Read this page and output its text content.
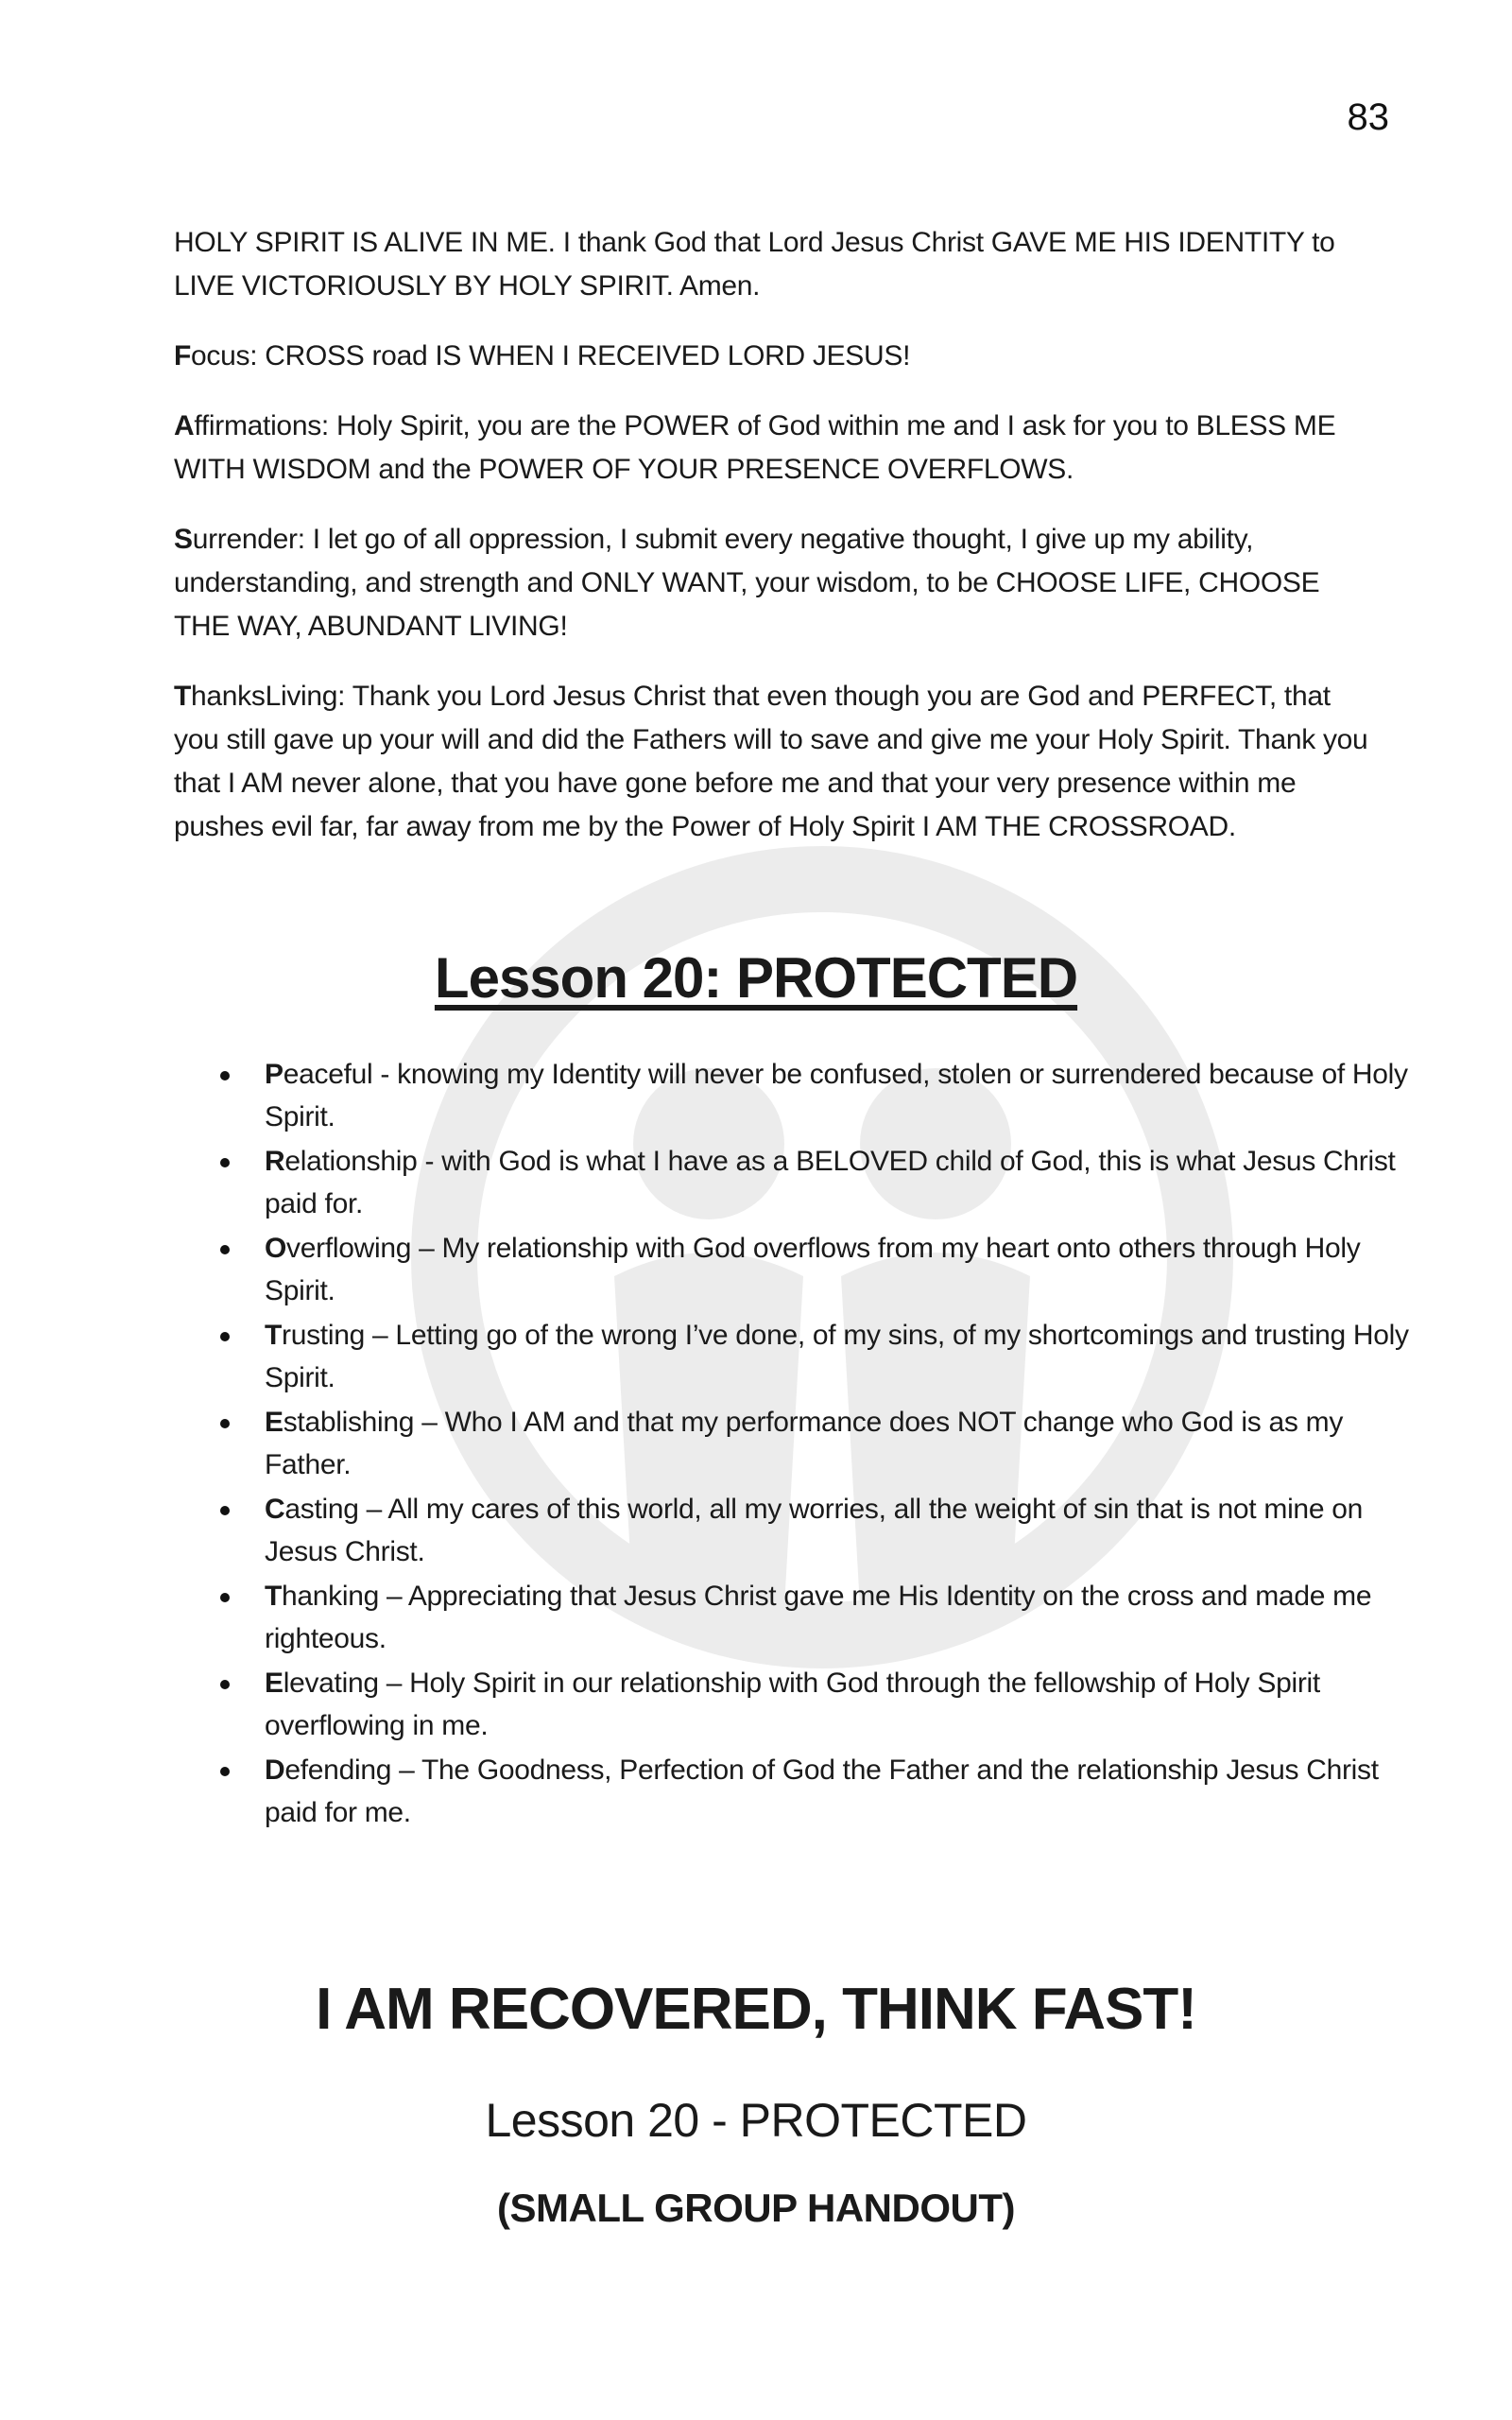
83

HOLY SPIRIT IS ALIVE IN ME. I thank God that Lord Jesus Christ GAVE ME HIS IDENTITY to LIVE VICTORIOUSLY BY HOLY SPIRIT. Amen.

Focus: CROSS road IS WHEN I RECEIVED LORD JESUS!

Affirmations: Holy Spirit, you are the POWER of God within me and I ask for you to BLESS ME WITH WISDOM and the POWER OF YOUR PRESENCE OVERFLOWS.

Surrender: I let go of all oppression, I submit every negative thought, I give up my ability, understanding, and strength and ONLY WANT, your wisdom, to be CHOOSE LIFE, CHOOSE THE WAY, ABUNDANT LIVING!

ThanksLiving: Thank you Lord Jesus Christ that even though you are God and PERFECT, that you still gave up your will and did the Fathers will to save and give me your Holy Spirit. Thank you that I AM never alone, that you have gone before me and that your very presence within me pushes evil far, far away from me by the Power of Holy Spirit I AM THE CROSSROAD.

Lesson 20: PROTECTED
Peaceful - knowing my Identity will never be confused, stolen or surrendered because of Holy Spirit.
Relationship - with God is what I have as a BELOVED child of God, this is what Jesus Christ paid for.
Overflowing – My relationship with God overflows from my heart onto others through Holy Spirit.
Trusting – Letting go of the wrong I’ve done, of my sins, of my shortcomings and trusting Holy Spirit.
Establishing – Who I AM and that my performance does NOT change who God is as my Father.
Casting – All my cares of this world, all my worries, all the weight of sin that is not mine on Jesus Christ.
Thanking – Appreciating that Jesus Christ gave me His Identity on the cross and made me righteous.
Elevating – Holy Spirit in our relationship with God through the fellowship of Holy Spirit overflowing in me.
Defending – The Goodness, Perfection of God the Father and the relationship Jesus Christ paid for me.
I AM RECOVERED, THINK FAST!
Lesson 20 - PROTECTED
(SMALL GROUP HANDOUT)
